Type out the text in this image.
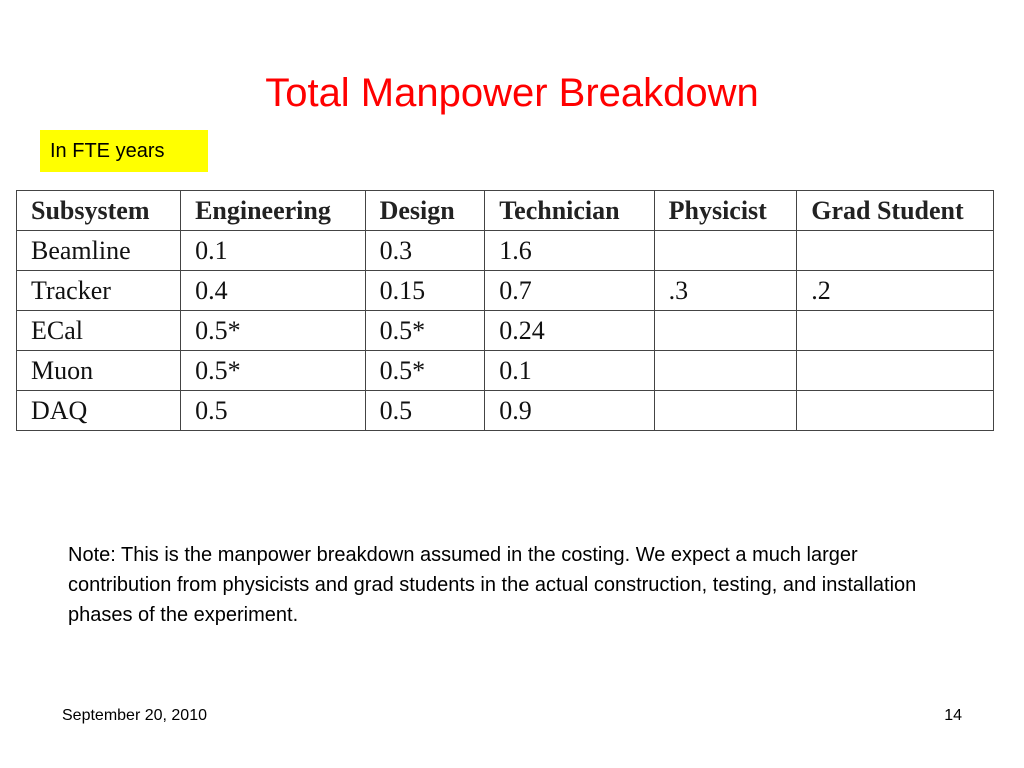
Total Manpower Breakdown
In FTE years
Subsystem	Engineering	Design	Technician	Physicist	Grad Student
Beamline	0.1	0.3	1.6		
Tracker	0.4	0.15	0.7	.3	.2
ECal	0.5*	0.5*	0.24		
Muon	0.5*	0.5*	0.1		
DAQ	0.5	0.5	0.9		

Note: This is the manpower breakdown assumed in the costing. We expect a much larger contribution from physicists and grad students in the actual construction, testing, and installation phases of the experiment.

September 20, 2010	14
